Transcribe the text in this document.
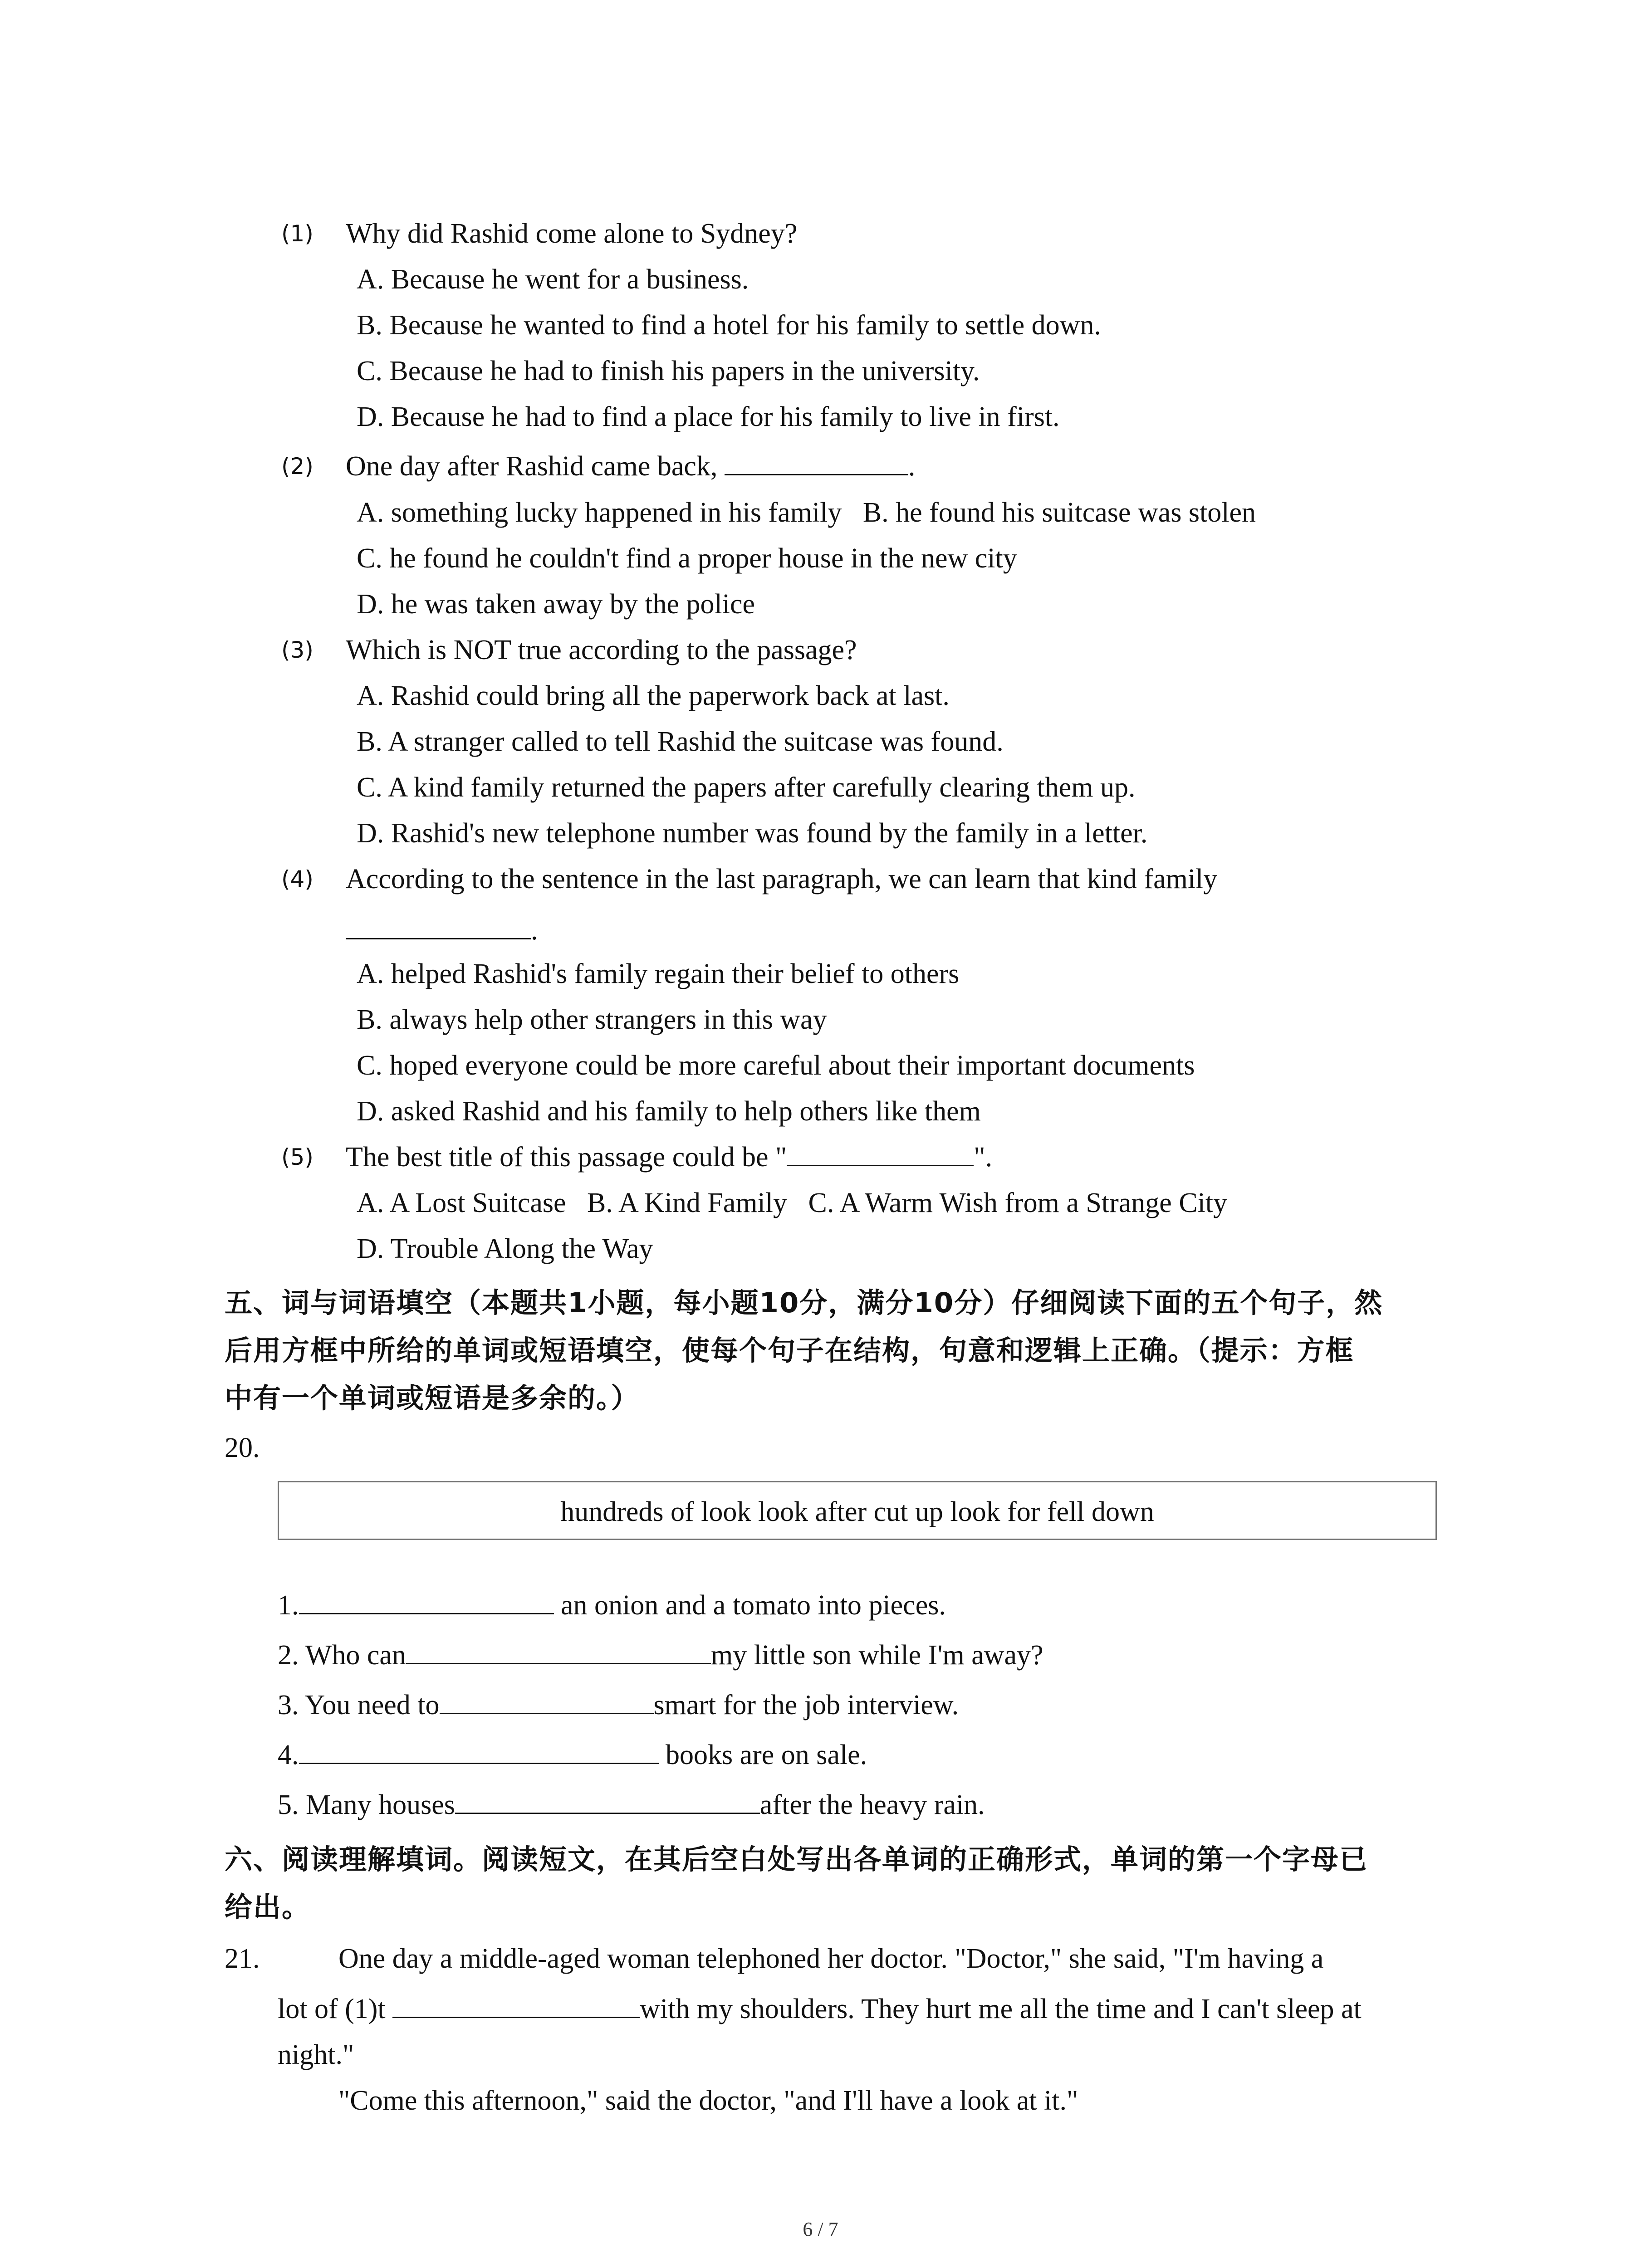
(1) Why did Rashid come alone to Sydney?
A. Because he went for a business.
B. Because he wanted to find a hotel for his family to settle down.
C. Because he had to finish his papers in the university.
D. Because he had to find a place for his family to live in first.
(2) One day after Rashid came back,	.
A. something lucky happened in his family   B. he found his suitcase was stolen
C. he found he couldn't find a proper house in the new city
D. he was taken away by the police
(3) Which is NOT true according to the passage?
A. Rashid could bring all the paperwork back at last.
B. A stranger called to tell Rashid the suitcase was found.
C. A kind family returned the papers after carefully clearing them up.
D. Rashid's new telephone number was found by the family in a letter.
(4) According to the sentence in the last paragraph, we can learn that kind family
.
A. helped Rashid's family regain their belief to others
B. always help other strangers in this way
C. hoped everyone could be more careful about their important documents
D. asked Rashid and his family to help others like them
(5) The best title of this passage could be "	".
A. A Lost Suitcase   B. A Kind Family   C. A Warm Wish from a Strange City
D. Trouble Along the Way
五、词与词语填空（本题共1小题，每小题10分，满分10分）仔细阅读下面的五个句子，然
后用方框中所给的单词或短语填空，使每个句子在结构，句意和逻辑上正确。（提示：方框
中有一个单词或短语是多余的。）
20.
hundreds of look look after cut up look for fell down
1.	an onion and a tomato into pieces.
2. Who can	my little son while I'm away?
3. You need to	smart for the job interview.
4.	books are on sale.
5. Many houses	after the heavy rain.
六、阅读理解填词。阅读短文，在其后空白处写出各单词的正确形式，单词的第一个字母已
给出。
21.	One day a middle-aged woman telephoned her doctor. "Doctor," she said, "I'm having a
lot of (1)t	with my shoulders. They hurt me all the time and I can't sleep at
night."
"Come this afternoon," said the doctor, "and I'll have a look at it."
6 / 7
